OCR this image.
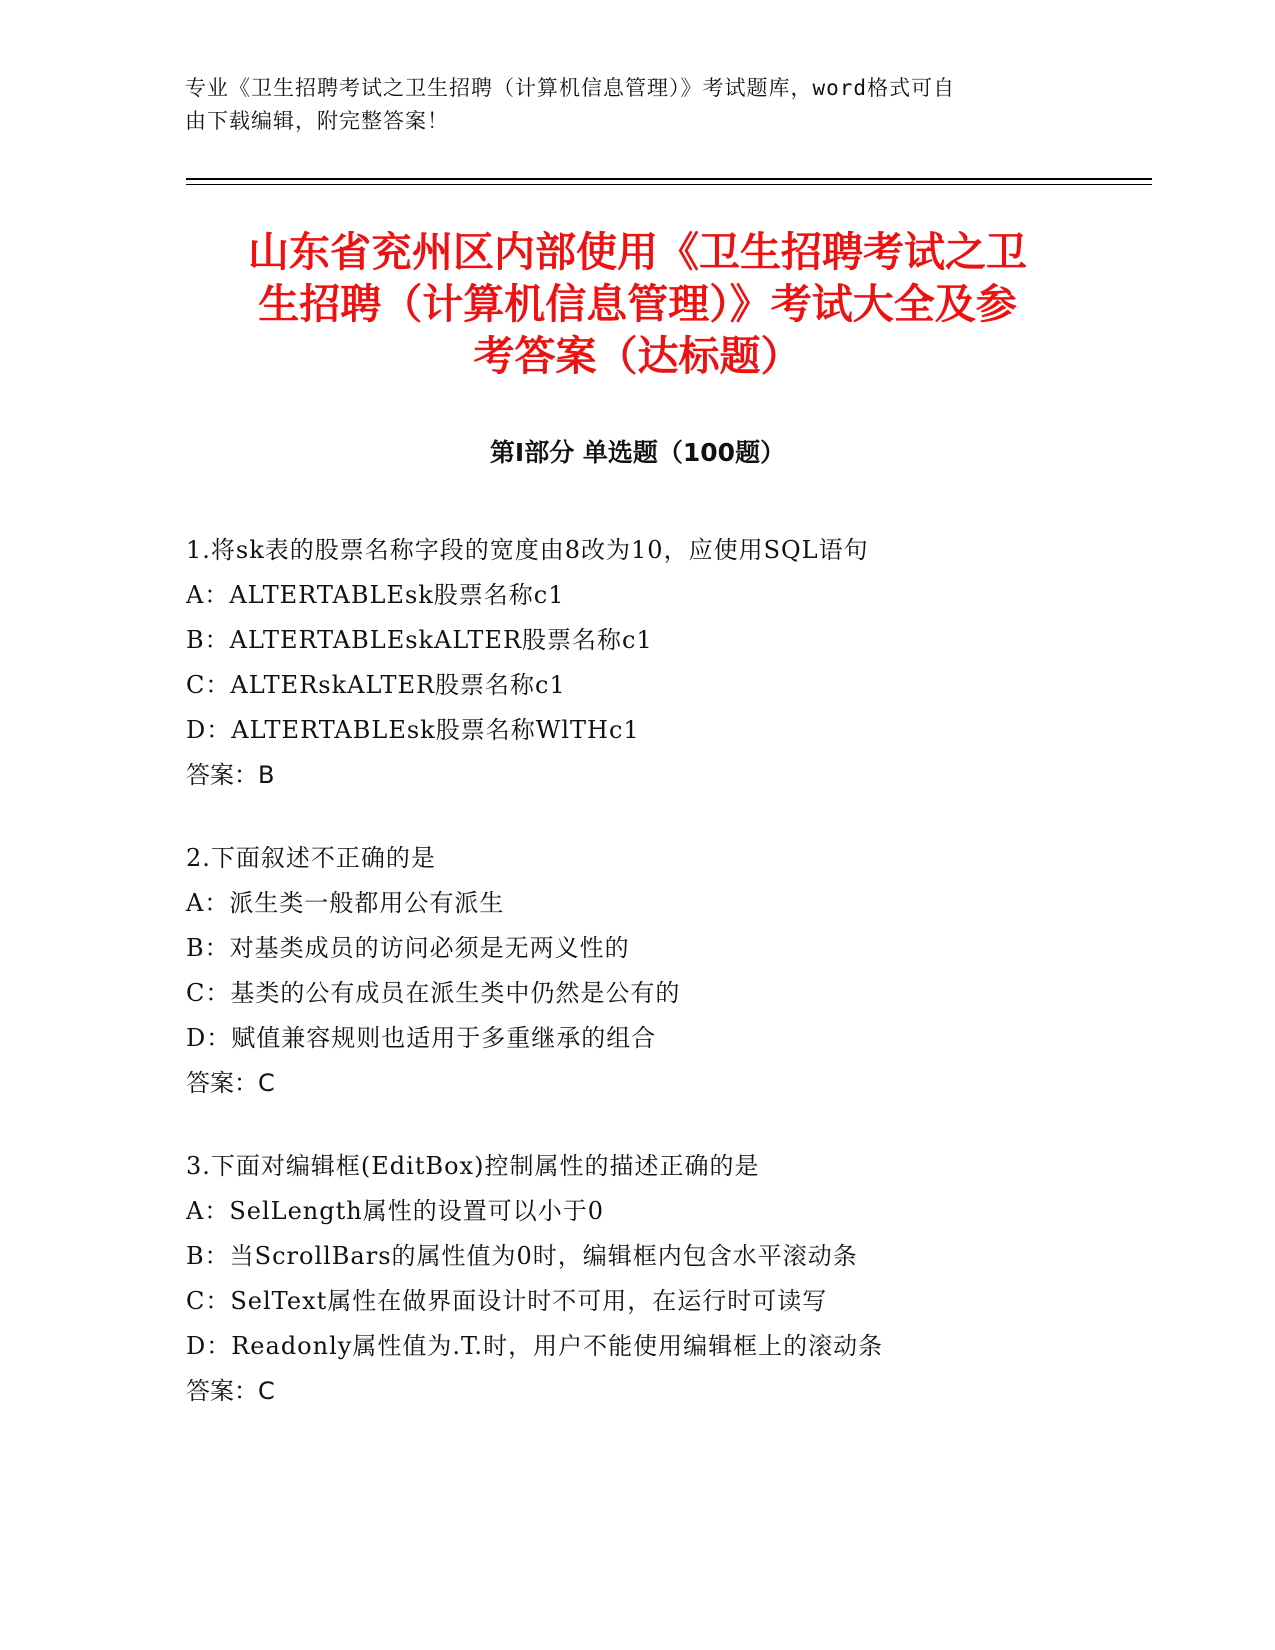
专业《卫生招聘考试之卫生招聘（计算机信息管理）》考试题库，word格式可自
由下载编辑，附完整答案！
山东省兖州区内部使用《卫生招聘考试之卫
生招聘（计算机信息管理）》考试大全及参
考答案（达标题）
第Ⅰ部分 单选题（100题）
1.将sk表的股票名称字段的宽度由8改为10，应使用SQL语句
A：ALTERTABLEsk股票名称c1
B：ALTERTABLEskALTER股票名称c1
C：ALTERskALTER股票名称c1
D：ALTERTABLEsk股票名称WlTHc1
答案：B
2.下面叙述不正确的是
A：派生类一般都用公有派生
B：对基类成员的访问必须是无两义性的
C：基类的公有成员在派生类中仍然是公有的
D：赋值兼容规则也适用于多重继承的组合
答案：C
3.下面对编辑框(EditBox)控制属性的描述正确的是
A：SelLength属性的设置可以小于0
B：当ScrollBars的属性值为0时，编辑框内包含水平滚动条
C：SelText属性在做界面设计时不可用，在运行时可读写
D：Readonly属性值为.T.时，用户不能使用编辑框上的滚动条
答案：C
